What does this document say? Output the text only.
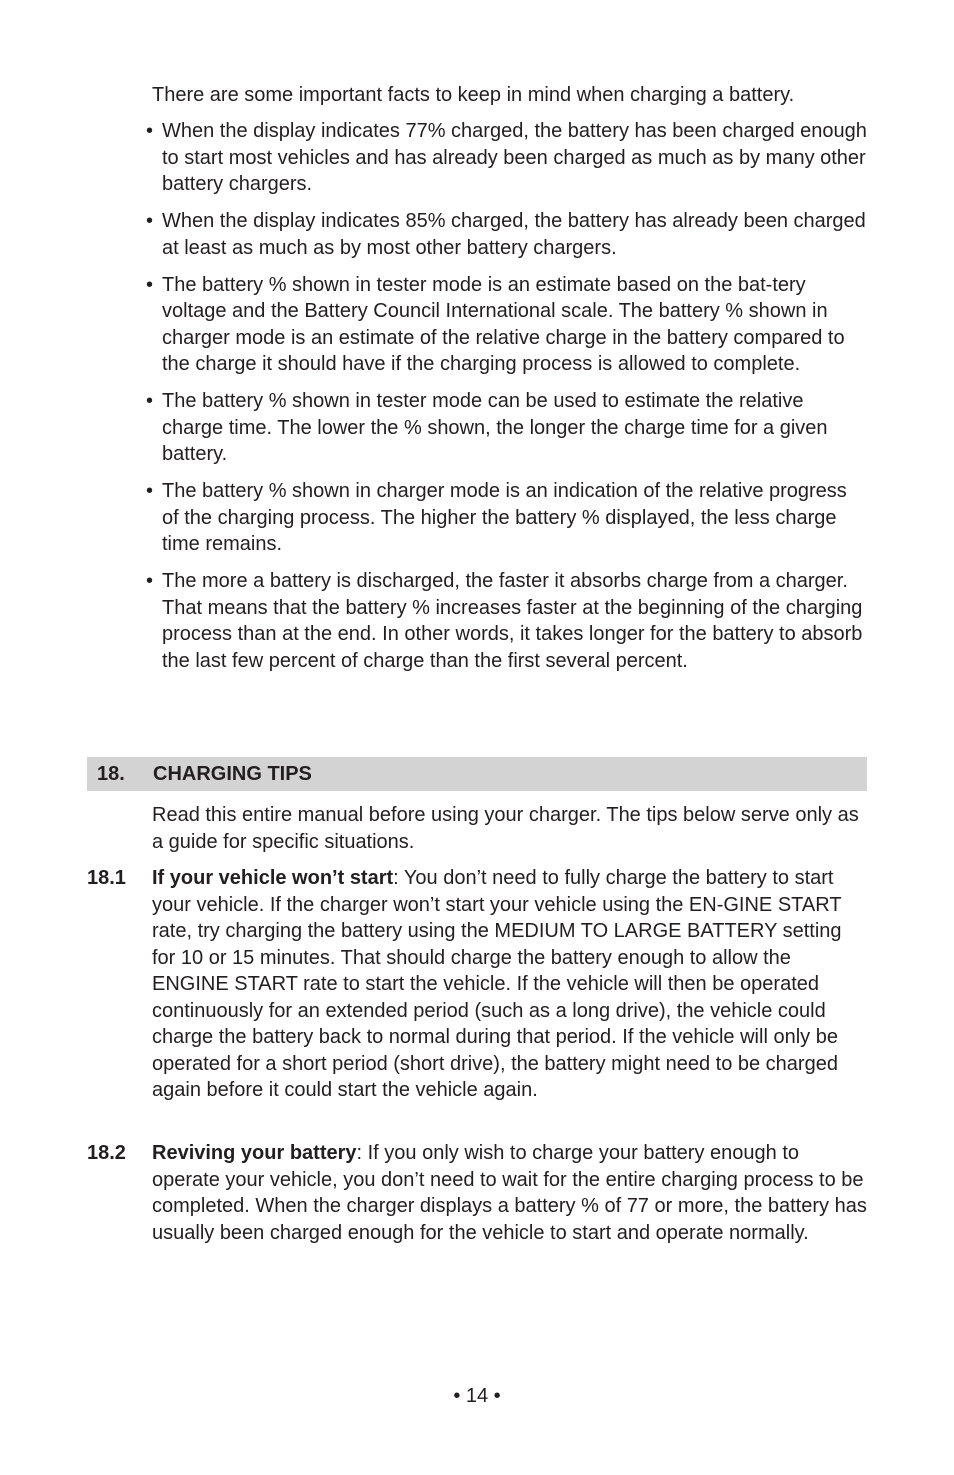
There are some important facts to keep in mind when charging a battery.

• When the display indicates 77% charged, the battery has been charged enough to start most vehicles and has already been charged as much as by many other battery chargers.
• When the display indicates 85% charged, the battery has already been charged at least as much as by most other battery chargers.
• The battery % shown in tester mode is an estimate based on the bat-tery voltage and the Battery Council International scale. The battery % shown in charger mode is an estimate of the relative charge in the battery compared to the charge it should have if the charging process is allowed to complete.
• The battery % shown in tester mode can be used to estimate the relative charge time. The lower the % shown, the longer the charge time for a given battery.
• The battery % shown in charger mode is an indication of the relative progress of the charging process. The higher the battery % displayed, the less charge time remains.
• The more a battery is discharged, the faster it absorbs charge from a charger. That means that the battery % increases faster at the beginning of the charging process than at the end. In other words, it takes longer for the battery to absorb the last few percent of charge than the first several percent.
18. CHARGING TIPS

Read this entire manual before using your charger. The tips below serve only as a guide for specific situations.

18.1 If your vehicle won’t start: You don’t need to fully charge the battery to start your vehicle. If the charger won’t start your vehicle using the EN-GINE START rate, try charging the battery using the MEDIUM TO LARGE BATTERY setting for 10 or 15 minutes. That should charge the battery enough to allow the ENGINE START rate to start the vehicle. If the vehicle will then be operated continuously for an extended period (such as a long drive), the vehicle could charge the battery back to normal during that period. If the vehicle will only be operated for a short period (short drive), the battery might need to be charged again before it could start the vehicle again.

18.2 Reviving your battery: If you only wish to charge your battery enough to operate your vehicle, you don’t need to wait for the entire charging process to be completed. When the charger displays a battery % of 77 or more, the battery has usually been charged enough for the vehicle to start and operate normally.

• 14 •
